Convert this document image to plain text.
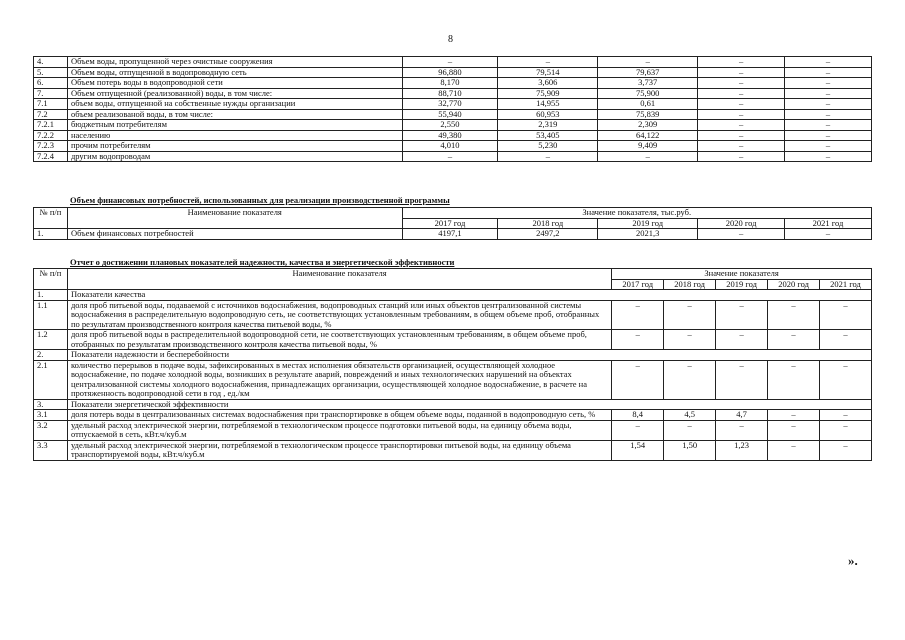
8
4.	Объем воды, пропущенной через очистные сооружения	–	–	–	–	–
5.	Объем воды, отпущенной в водопроводную сеть	96,880	79,514	79,637	–	–
6.	Объем потерь воды в водопроводной сети	8,170	3,606	3,737	–	–
7.	Объем отпущенной (реализованной) воды, в том числе:	88,710	75,909	75,900	–	–
7.1	объем воды, отпущенной на собственные нужды организации	32,770	14,955	0,61	–	–
7.2	объем реализованой воды, в том числе:	55,940	60,953	75,839	–	–
7.2.1	бюджетным потребителям	2,550	2,319	2,309	–	–
7.2.2	населению	49,380	53,405	64,122	–	–
7.2.3	прочим потребителям	4,010	5,230	9,409	–	–
7.2.4	другим водопроводам	–	–	–	–	–
Объем финансовых потребностей, использованных для реализации производственной программы
№ п/п	Наименование показателя	Значение показателя, тыс.руб.				
		2017 год	2018 год	2019 год	2020 год	2021 год
1.	Объем финансовых потребностей	4197,1	2497,2	2021,3	–	–
Отчет о достижении плановых показателей надежности, качества и энергетической эффективности
№ п/п	Наименование показателя	Значение показателя				
		2017 год	2018 год	2019 год	2020 год	2021 год
1.	Показатели качества					
1.1	доля проб питьевой воды, подаваемой с источников водоснабжения, водопроводных станций или иных объектов централизованной системы водоснабжения в распределительную водопроводную сеть, не соответствующих установленным требованиям, в общем объеме проб, отобранных по результатам производственного контроля качества питьевой воды, %	–	–	–	–	–
1.2	доля проб питьевой воды в распределительной водопроводной сети, не соответствующих установленным требованиям, в общем объеме проб, отобранных по результатам производственного контроля качества питьевой воды, %	–	–	–	–	–
2.	Показатели надежности и бесперебойности					
2.1	количество перерывов в подаче воды, зафиксированных в местах исполнения обязательств организацией, осуществляющей холодное водоснабжение, по подаче холодной воды, возникших в результате аварий, повреждений и иных технологических нарушений на объектах централизованной системы холодного водоснабжения, принадлежащих организации, осуществляющей холодное водоснабжение, в расчете на протяженность водопроводной сети в год , ед./км	–	–	–	–	–
3.	Показатели энергетической эффективности					
3.1	доля потерь воды в централизованных системах водоснабжения при транспортировке в общем объеме воды, поданной в водопроводную сеть, %	8,4	4,5	4,7	–	–
3.2	удельный расход электрической энергии, потребляемой в технологическом процессе подготовки питьевой воды, на единицу объема воды, отпускаемой в сеть, кВт.ч/куб.м	–	–	–	–	–
3.3	удельный расход электрической энергии, потребляемой в технологическом процессе транспортировки питьевой воды, на единицу объема транспортируемой воды, кВт.ч/куб.м	1,54	1,50	1,23	–	–
».
